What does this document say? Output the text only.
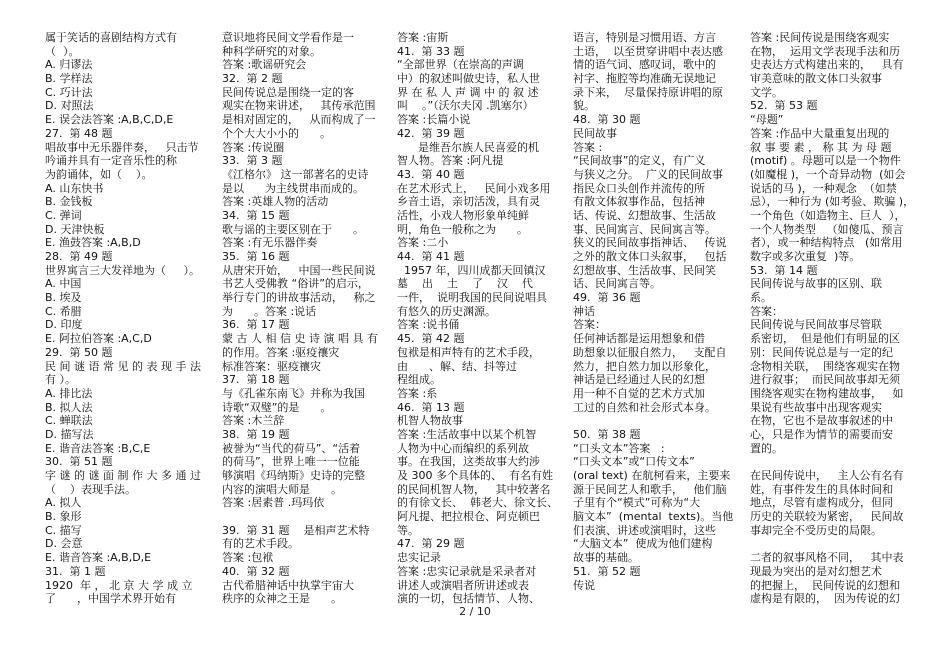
属于笑话的喜剧结构方式有
（  ）。
A. 归谬法
B. 学样法
C. 巧计法
D. 对照法
E. 误会法答案 :A,B,C,D,E
27.  第 48 题
唱故事中无乐器伴奏，   只击节
吟诵并具有一定音乐性的称
为韵诵体，如（    ）。
A. 山东快书
B. 金钱板
C. 弹词
D. 天津快板
E. 渔鼓答案 :A,B,D
28.  第 49 题
世界寓言三大发祥地为（     ）。
A. 中国
B. 埃及
C. 希腊
D. 印度
E. 阿拉伯答案 :A,C,D
29.  第 50 题
民 间 谜 语 常 见 的 表 现 手 法
有 ）。
A. 排比法
B. 拟人法
C. 蝉联法
D. 描写法
E. 谐音法答案 :B,C,E
30.  第 51 题
字 谜 的 谜 面 制 作 大 多 通 过
（    ）表现手法。
A. 拟人
B. 象形
C. 描写
D. 会意
E. 谐音答案 :A,B,D,E
31.  第 1 题
1920  年 ， 北 京 大 学 成 立
了      ，中国学术界开始有
意识地将民间文学看作是一
种科学研究的对象。
答案 :歌谣研究会
32.  第 2 题
民间传说总是围绕一定的客
观实在物来讲述，   其传承范围
是相对固定的，   从而构成了一
个个大大小小的      。
答案 :传说圈
33.  第 3 题
《江格尔》 这一部著名的史诗
是以      为主线贯串而成的。
答案 :英雄人物的活动
34.  第 15 题
歌与谣的主要区别在于      。
答案 :有无乐器伴奏
35.  第 16 题
从唐宋开始，   中国一些民间说
书艺人受佛教 “俗讲”的启示，
举行专门的讲故事活动，   称之
为      。答案 :说话
36.  第 17 题
蒙 古 人 相 信 史 诗 演 唱 具 有
的作用。答案 :驱疫禳灾
标准答案：驱疫禳灾
37.  第 18 题
与《孔雀东南飞》并称为我国
诗歌“双璧”的是      。
答案 :木兰辞
38.  第 19 题
被誉为“当代的荷马”、“活着
的荷马”，世界上唯一一位能
够演唱《玛纳斯》史诗的完整
内容的演唱大师是      。
答案 :居素普 .玛玛依
39.  第 31 题    是相声艺术特
有的艺术手段。
答案 :包袱
40.  第 32 题
古代希腊神话中执掌宇宙大
秩序的众神之王是      。
答案 :宙斯
41.  第 33 题
“全部世界（在崇高的声调
中）的叙述叫做史诗，私人世
界 在 私 人 声 调 中 的 叙 述
叫    。”（沃尔夫冈 .凯塞尔）
答案 :长篇小说
42.  第 39 题
是维吾尔族人民喜爱的机
智人物。答案 :阿凡提
43.  第 40 题
在艺术形式上，   民间小戏多用
乡音土语，亲切活泼，具有灵
活性，小戏人物形象单纯鲜
明，角色一般称之为      。
答案 :二小
44.  第 41 题
1957 年，四川成都天回镇汉
墓    出    土    了    汉    代
一件，  说明我国的民间说唱具
有悠久的历史渊源。
答案 :说书俑
45.  第 42 题
包袱是相声特有的艺术手段，
由      、解、结、抖等过
程组成。
答案 :系
46.  第 13 题
机智人物故事
答案 :生活故事中以某个机智
人物为中心而编织的系列故
事。在我国，这类故事大约涉
及 300 多个具体的、  有名有姓
的民间机智人物，   其中较著名
的有徐文长、  韩老大、徐文长、
阿凡提、把拉根仓、阿克顿巴
等。
47.  第 29 题
忠实记录
答案 :忠实记录就是采录者对
讲述人或演唱者所讲述或表
演的一切，包括情节、人物、
语言，特别是习惯用语、方言
土语，  以至贯穿讲唱中表达感
情的语气词、感叹词，歌中的
衬字、拖腔等均准确无误地记
录下来，  尽量保持原讲唱的原
貌。
48.  第 30 题
民间故事
答案 :
“民间故事”的定义，有广义
与狭义之分。  广义的民间故事
指民众口头创作并流传的所
有散文体叙事作品，包括神
话、传说、幻想故事、生活故
事、民间寓言、民间寓言等。
狭义的民间故事指神话、   传说
之外的散文体口头叙事，   包括
幻想故事、生活故事、民间笑
话、民间寓言等。
49.  第 36 题
神话
答案：
任何神话都是运用想象和借
助想象以征服自然力，   支配自
然力，把自然力加以形象化，
神话是已经通过人民的幻想
用一种不自觉的艺术方式加
工过的自然和社会形式本身。
50.  第 38 题
“口头文本”答案   :
“口头文本”或“口传文本”
(oral text) 在航柯看来，主要来
源于民间艺人和歌手，   他们脑
子里有个“模式”可称为“大
脑文本”  (mental  texts)。当他
们表演、讲述或演唱时，这些
“大脑文本”  使成为他们建构
故事的基础。
51.  第 52 题
传说
答案 :民间传说是围绕客观实
在物，  运用文学表现手法和历
史表达方式构建出来的，   具有
审美意味的散文体口头叙事
文学。
52.  第 53 题
“母题”
答案 :作品中大量重复出现的
叙 事 要 素 ， 称 其 为 母 题
(motif) 。母题可以是一个物件
(如魔棍 )，一个奇异动物  (如会
说话的马 )，一种观念  （如禁
忌），一种行为 (如考验、欺骗 )，
一个角色（如造物主、巨人  ），
一个人物类型   （如傻瓜、预言
者），或一种结构特点   (如常用
数字或多次重复  )等。
53.  第 14 题
民间传说与故事的区别、联
系。
答案：
民间传说与民间故事尽管联
系密切，  但是他们有明显的区
别：民间传说总是与一定的纪
念物相关联，  围绕客观实在物
进行叙事；  而民间故事却无须
围绕客观实在物构建故事，   如
果说有些故事中出现客观实
在物，它也不是故事叙述的中
心，只是作为情节的需要而安
置的。
在民间传说中，   主人公有名有
姓，有事件发生的具体时间和
地点，尽管有虚构成分，但同
历史的关联较为紧密，   民间故
事却完全不受历史的局限。
二者的叙事风格不同，   其中表
现最为突出的是对幻想艺术
的把握上，  民间传说的幻想和
虚构是有限的，  因为传说的幻
2 / 10
